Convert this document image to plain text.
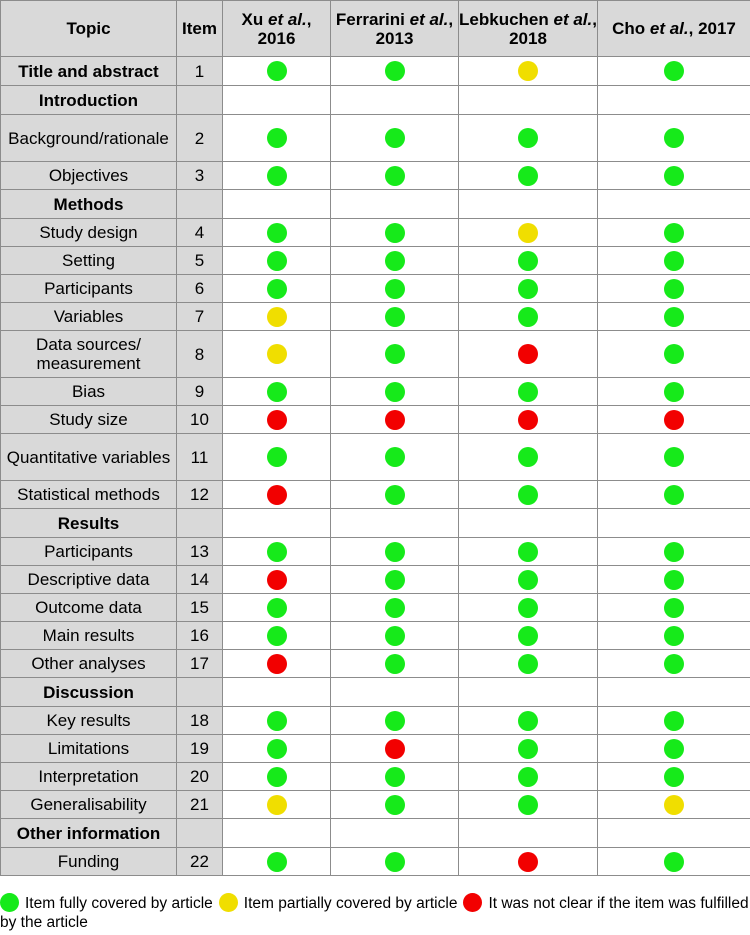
Topic	Item	Xu et al., 2016	Ferrarini et al., 2013	Lebkuchen et al., 2018	Cho et al., 2017
Title and abstract	1				
Introduction					
Background/rationale	2				
Objectives	3				
Methods					
Study design	4				
Setting	5				
Participants	6				
Variables	7				
Data sources/ measurement	8				
Bias	9				
Study size	10				
Quantitative variables	11				
Statistical methods	12				
Results					
Participants	13				
Descriptive data	14				
Outcome data	15				
Main results	16				
Other analyses	17				
Discussion					
Key results	18				
Limitations	19				
Interpretation	20				
Generalisability	21				
Other information					
Funding	22				
Item fully covered by article Item partially covered by article It was not clear if the item was fulfilled by the article
